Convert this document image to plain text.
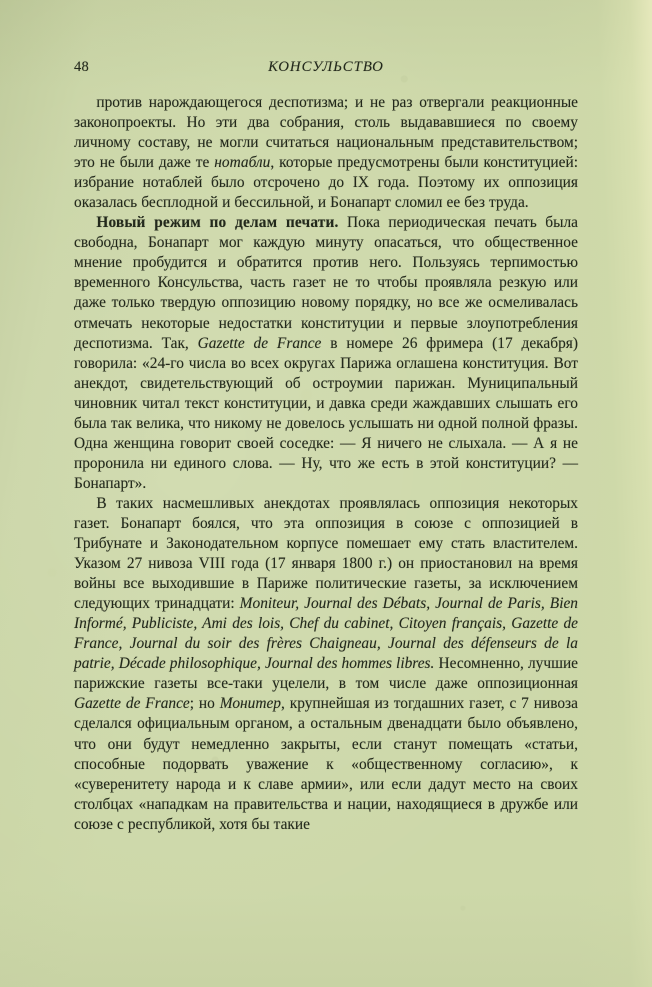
48	КОНСУЛЬСТВО

против нарождающегося деспотизма; и не раз отвергали реакционные законопроекты. Но эти два собрания, столь выдававшиеся по своему личному составу, не могли считаться национальным представительством; это не были даже те нотабли, которые предусмотрены были конституцией: избрание нотаблей было отсрочено до IX года. Поэтому их оппозиция оказалась бесплодной и бессильной, и Бонапарт сломил ее без труда.

Новый режим по делам печати. Пока периодическая печать была свободна, Бонапарт мог каждую минуту опасаться, что общественное мнение пробудится и обратится против него. Пользуясь терпимостью временного Консульства, часть газет не то чтобы проявляла резкую или даже только твердую оппозицию новому порядку, но все же осмеливалась отмечать некоторые недостатки конституции и первые злоупотребления деспотизма. Так, Gazette de France в номере 26 фримера (17 декабря) говорила: «24-го числа во всех округах Парижа оглашена конституция. Вот анекдот, свидетельствующий об остроумии парижан. Муниципальный чиновник читал текст конституции, и давка среди жаждавших слышать его была так велика, что никому не довелось услышать ни одной полной фразы. Одна женщина говорит своей соседке: — Я ничего не слыхала. — А я не проронила ни единого слова. — Ну, что же есть в этой конституции? — Бонапарт».

В таких насмешливых анекдотах проявлялась оппозиция некоторых газет. Бонапарт боялся, что эта оппозиция в союзе с оппозицией в Трибунате и Законодательном корпусе помешает ему стать властителем. Указом 27 нивоза VIII года (17 января 1800 г.) он приостановил на время войны все выходившие в Париже политические газеты, за исключением следующих тринадцати: Moniteur, Journal des Débats, Journal de Paris, Bien Informé, Publiciste, Ami des lois, Chef du cabinet, Citoyen français, Gazette de France, Journal du soir des frères Chaigneau, Journal des défenseurs de la patrie, Décade philosophique, Journal des hommes libres. Несомненно, лучшие парижские газеты все-таки уцелели, в том числе даже оппозиционная Gazette de France; но Монитер, крупнейшая из тогдашних газет, с 7 нивоза сделался официальным органом, а остальным двенадцати было объявлено, что они будут немедленно закрыты, если станут помещать «статьи, способные подорвать уважение к «общественному согласию», к «суверенитету народа и к славе армии», или если дадут место на своих столбцах «нападкам на правительства и нации, находящиеся в дружбе или союзе с республикой, хотя бы такие
